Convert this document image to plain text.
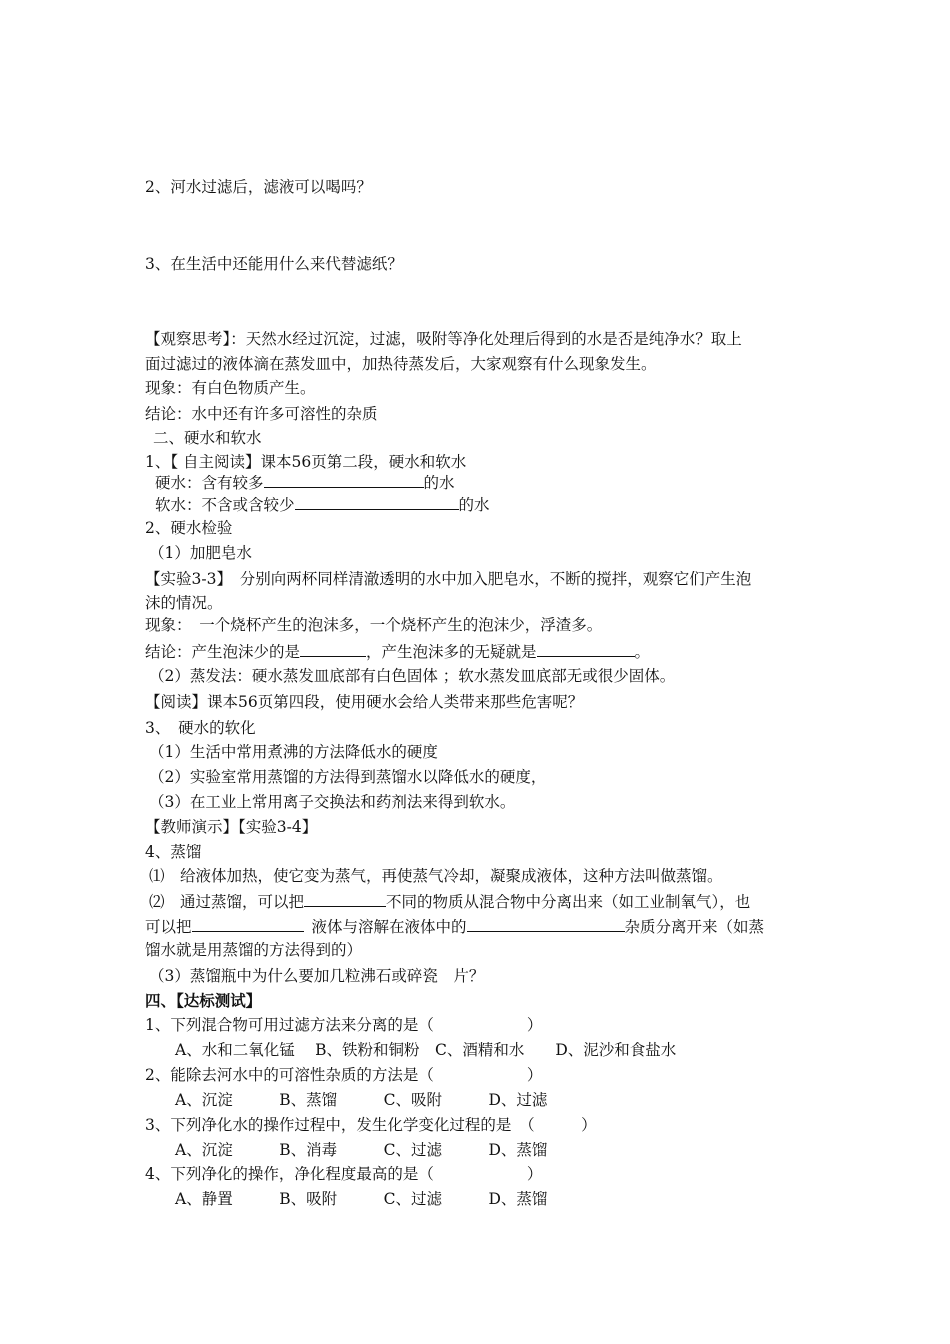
2、河水过滤后，滤液可以喝吗？
3、在生活中还能用什么来代替滤纸？
【观察思考】：天然水经过沉淀，过滤，吸附等净化处理后得到的水是否是纯净水？取上
面过滤过的液体滴在蒸发皿中，加热待蒸发后，大家观察有什么现象发生。
现象：有白色物质产生。
结论：水中还有许多可溶性的杂质
二、硬水和软水
1、【 自主阅读】课本56页第二段，硬水和软水
硬水：含有较多	的水
软水：不含或含较少	的水
2、硬水检验
（1）加肥皂水
【实验3-3】　分别向两杯同样清澈透明的水中加入肥皂水，不断的搅拌，观察它们产生泡
沫的情况。
现象：　一个烧杯产生的泡沫多，一个烧杯产生的泡沫少，浮渣多。
结论：产生泡沫少的是	，产生泡沫多的无疑就是	。
（2）蒸发法：硬水蒸发皿底部有白色固体 ；软水蒸发皿底部无或很少固体。
【阅读】课本56页第四段，使用硬水会给人类带来那些危害呢？
3、　硬水的软化
（1）生活中常用煮沸的方法降低水的硬度
（2）实验室常用蒸馏的方法得到蒸馏水以降低水的硬度，
（3）在工业上常用离子交换法和药剂法来得到软水。
【教师演示】【实验3-4】
4、蒸馏
⑴　给液体加热，使它变为蒸气，再使蒸气冷却，凝聚成液体，这种方法叫做蒸馏。
⑵　通过蒸馏，可以把	不同的物质从混合物中分离出来（如工业制氧气），也
可以把	液体与溶解在液体中的	杂质分离开来（如蒸
馏水就是用蒸馏的方法得到的）
（3）蒸馏瓶中为什么要加几粒沸石或碎瓷　片？
四、【达标测试】
1、下列混合物可用过滤方法来分离的是（　　　　　　）
A、水和二氧化锰　 B、铁粉和铜粉　C、酒精和水　　D、泥沙和食盐水
2、能除去河水中的可溶性杂质的方法是（　　　　　　）
A、沉淀　　　B、蒸馏　　　C、吸附　　　D、过滤
3、下列净化水的操作过程中，发生化学变化过程的是　（　　　）
A、沉淀　　　B、消毒　　　C、过滤　　　D、蒸馏
4、下列净化的操作，净化程度最高的是（　　　　　　）
A、静置　　　B、吸附　　　C、过滤　　　D、蒸馏
